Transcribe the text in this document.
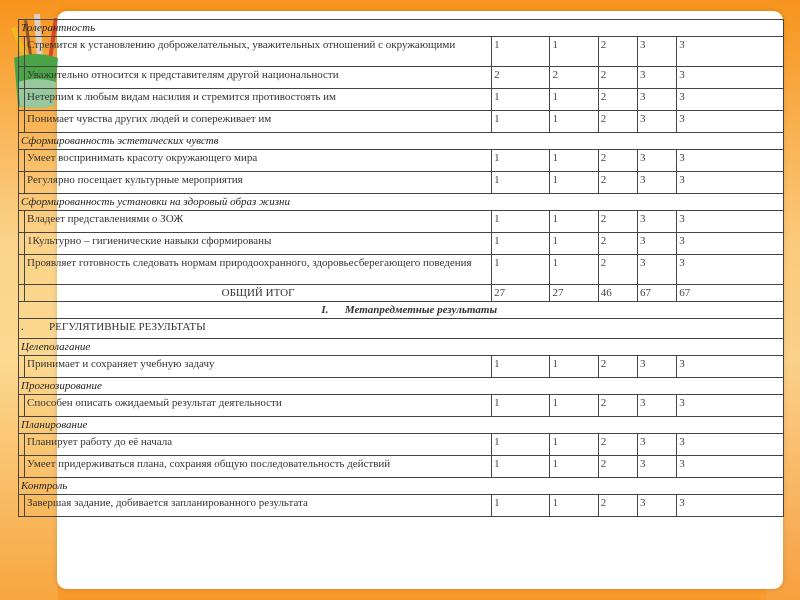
Толерантность						
	Стремится к установлению доброжелательных, уважительных отношений с окружающими	1	1	2	3	3
	Уважительно относится к представителям другой национальности	2	2	2	3	3
	Нетерпим к любым видам насилия и стремится противостоять им	1	1	2	3	3
	Понимает чувства других людей и сопереживает им	1	1	2	3	3
Сформированность эстетических чувств						
	Умеет воспринимать красоту окружающего мира	1	1	2	3	3
	Регулярно посещает культурные мероприятия	1	1	2	3	3
Сформированность установки на здоровый образ жизни						
	Владеет представлениями о ЗОЖ	1	1	2	3	3
	1Культурно – гигиенические навыки сформированы	1	1	2	3	3
	Проявляет готовность следовать нормам природоохранного, здоровьесберегающего поведения	1	1	2	3	3
	ОБЩИЙ ИТОГ	27	27	46	67	67
I. Метапредметные результаты						
. РЕГУЛЯТИВНЫЕ РЕЗУЛЬТАТЫ						
Целеполагание						
	Принимает и сохраняет учебную задачу	1	1	2	3	3
Прогнозирование						
	Способен описать ожидаемый результат деятельности	1	1	2	3	3
Планирование						
	Планирует работу до её начала	1	1	2	3	3
	Умеет придерживаться плана, сохраняя общую последовательность действий	1	1	2	3	3
Контроль						
	Завершая задание, добивается запланированного результата	1	1	2	3	3
